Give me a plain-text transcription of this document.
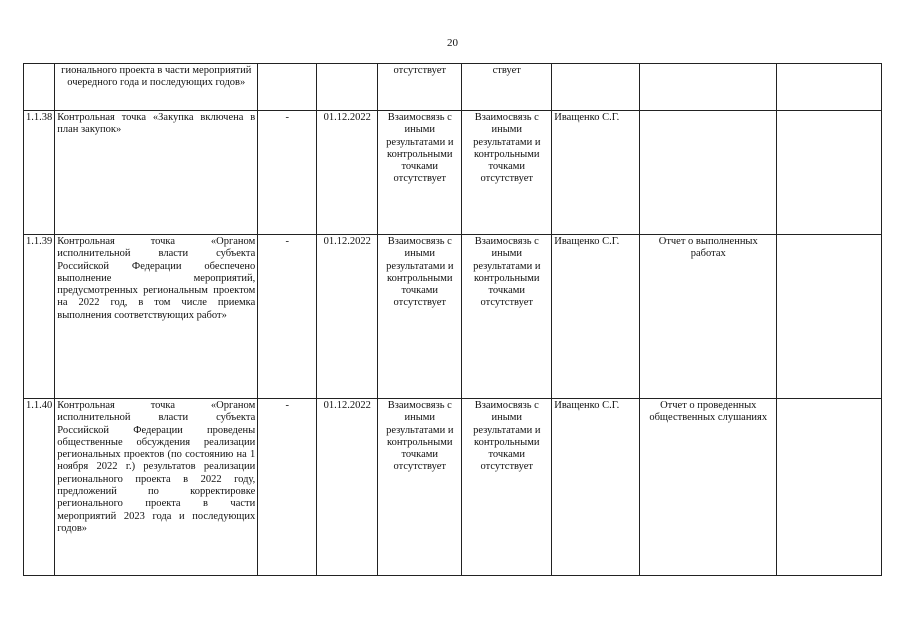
20
	гионального проекта в части мероприятий очередного года и последующих годов»			отсутствует	ствует			
1.1.38	Контрольная точка «Закупка включена в план закупок»	-	01.12.2022	Взаимосвязь с иными результатами и контрольными точками отсутствует	Взаимосвязь с иными результатами и контрольными точками отсутствует	Иващенко С.Г.		
1.1.39	Контрольная точка «Органом исполнительной власти субъекта Российской Федерации обеспечено выполнение мероприятий, предусмотренных региональным проектом на 2022 год, в том числе приемка выполнения соответствующих работ»	-	01.12.2022	Взаимосвязь с иными результатами и контрольными точками отсутствует	Взаимосвязь с иными результатами и контрольными точками отсутствует	Иващенко С.Г.	Отчет о выполненных работах	
1.1.40	Контрольная точка «Органом исполнительной власти субъекта Российской Федерации проведены общественные обсуждения реализации региональных проектов (по состоянию на 1 ноября 2022 г.) результатов реализации регионального проекта в 2022 году, предложений по корректировке регионального проекта в части мероприятий 2023 года и последующих годов»	-	01.12.2022	Взаимосвязь с иными результатами и контрольными точками отсутствует	Взаимосвязь с иными результатами и контрольными точками отсутствует	Иващенко С.Г.	Отчет о проведенных общественных слушаниях	
